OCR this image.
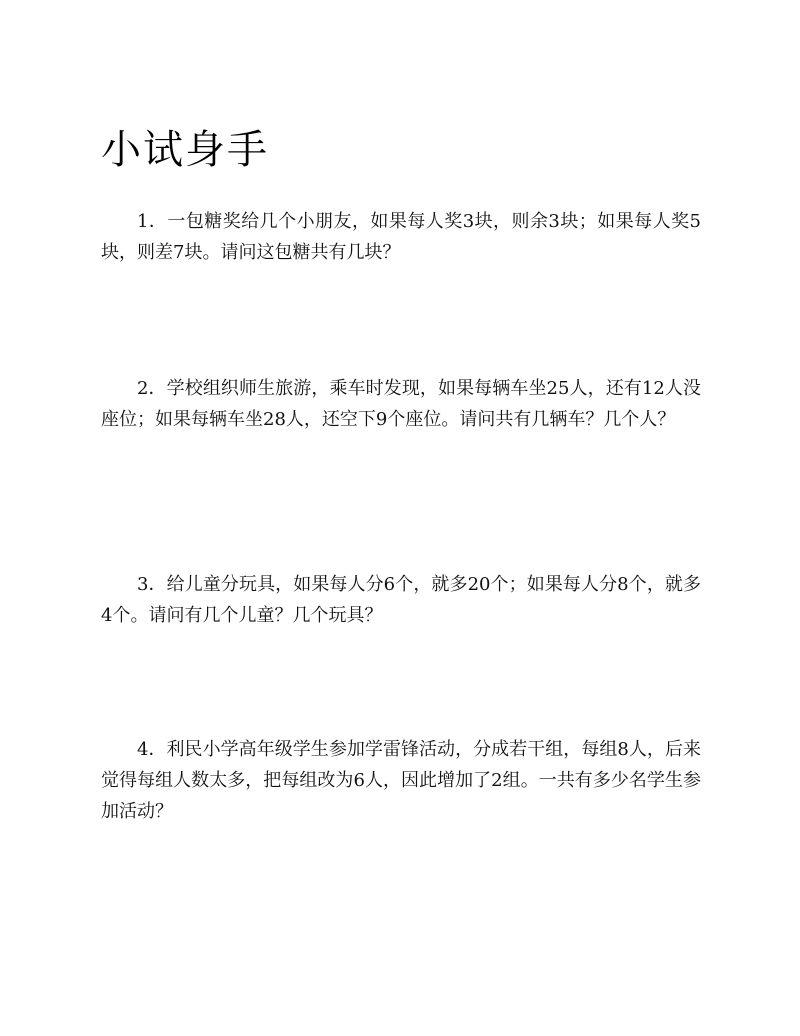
小试身手

1．一包糖奖给几个小朋友，如果每人奖3块，则余3块；如果每人奖5块，则差7块。请问这包糖共有几块？

2．学校组织师生旅游，乘车时发现，如果每辆车坐25人，还有12人没座位；如果每辆车坐28人，还空下9个座位。请问共有几辆车？几个人？

3．给儿童分玩具，如果每人分6个，就多20个；如果每人分8个，就多4个。请问有几个儿童？几个玩具？

4．利民小学高年级学生参加学雷锋活动，分成若干组，每组8人，后来觉得每组人数太多，把每组改为6人，因此增加了2组。一共有多少名学生参加活动？
